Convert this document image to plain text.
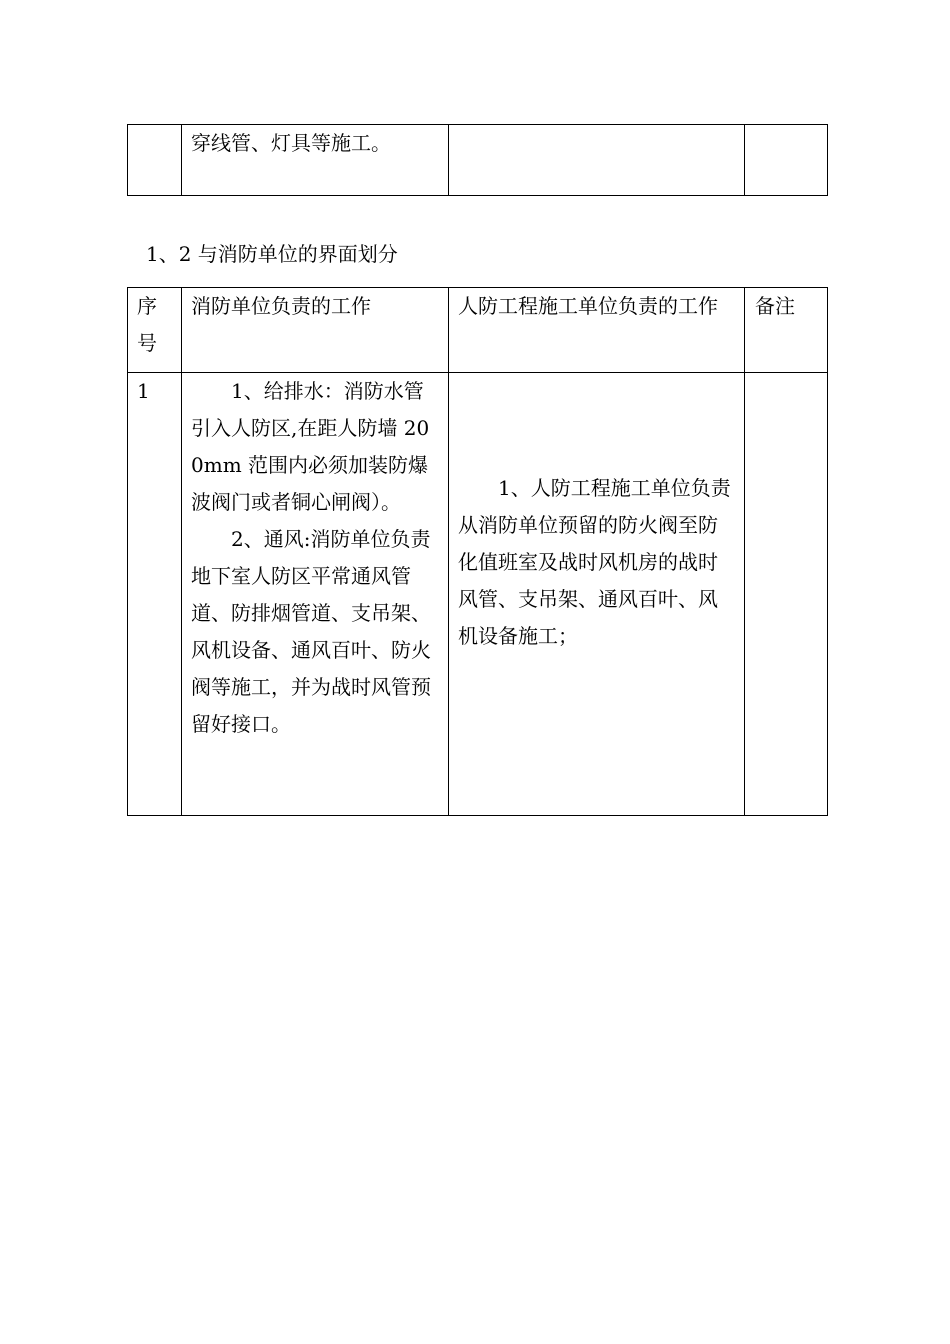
	穿线管、灯具等施工。		
1、2 与消防单位的界面划分
序号	消防单位负责的工作	人防工程施工单位负责的工作	备注
1	1、给排水：消防水管引入人防区,在距人防墙 200mm 范围内必须加装防爆波阀门或者铜心闸阀）。

2、通风:消防单位负责地下室人防区平常通风管道、防排烟管道、支吊架、风机设备、通风百叶、防火阀等施工，并为战时风管预留好接口。	1、人防工程施工单位负责从消防单位预留的防火阀至防化值班室及战时风机房的战时风管、支吊架、通风百叶、风机设备施工；	
